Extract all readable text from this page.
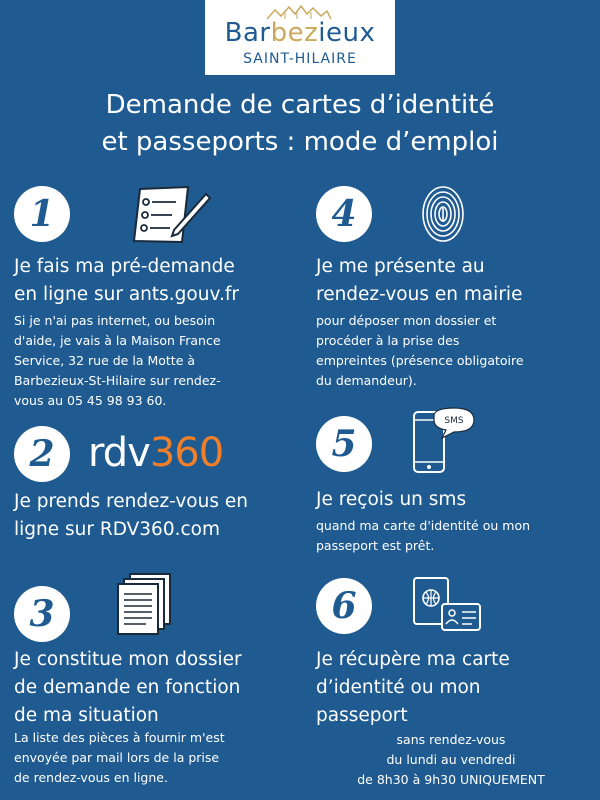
Barbezieux
SAINT-HILAIRE
Demande de cartes d’identité
et passeports : mode d’emploi
1
Je fais ma pré-demande
en ligne sur ants.gouv.fr
Si je n'ai pas internet, ou besoin
d'aide, je vais à la Maison France
Service, 32 rue de la Motte à
Barbezieux-St-Hilaire sur rendez-
vous au 05 45 98 93 60.
2 rdv360
Je prends rendez-vous en
ligne sur RDV360.com
3
Je constitue mon dossier
de demande en fonction
de ma situation
La liste des pièces à fournir m'est
envoyée par mail lors de la prise
de rendez-vous en ligne.
4
Je me présente au
rendez-vous en mairie
pour déposer mon dossier et
procéder à la prise des
empreintes (présence obligatoire
du demandeur).
5
SMS
Je reçois un sms
quand ma carte d'identité ou mon
passeport est prêt.
6
Je récupère ma carte
d’identité ou mon
passeport
sans rendez-vous
du lundi au vendredi
de 8h30 à 9h30 UNIQUEMENT
